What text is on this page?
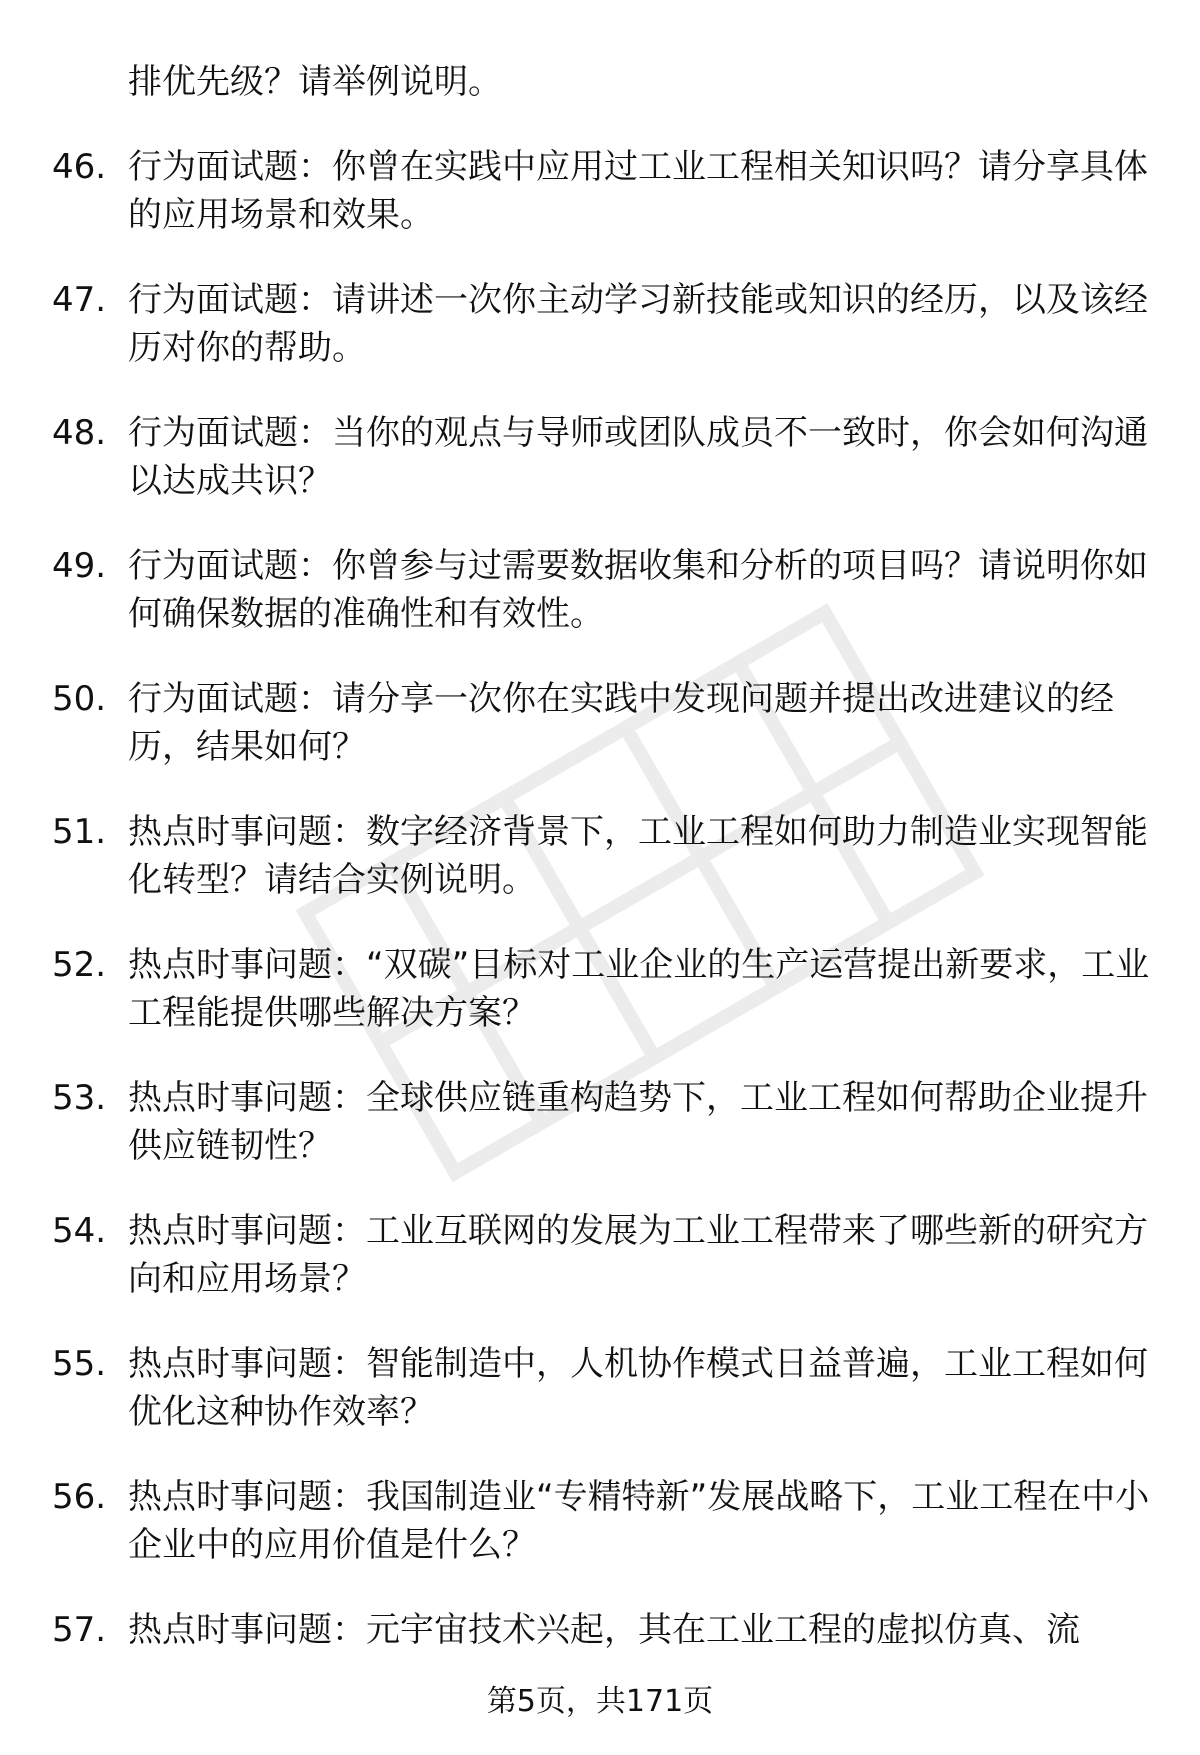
排优先级？请举例说明。
46. 行为面试题：你曾在实践中应用过工业工程相关知识吗？请分享具体的应用场景和效果。
47. 行为面试题：请讲述一次你主动学习新技能或知识的经历，以及该经历对你的帮助。
48. 行为面试题：当你的观点与导师或团队成员不一致时，你会如何沟通以达成共识？
49. 行为面试题：你曾参与过需要数据收集和分析的项目吗？请说明你如何确保数据的准确性和有效性。
50. 行为面试题：请分享一次你在实践中发现问题并提出改进建议的经历，结果如何？
51. 热点时事问题：数字经济背景下，工业工程如何助力制造业实现智能化转型？请结合实例说明。
52. 热点时事问题：“双碳”目标对工业企业的生产运营提出新要求，工业工程能提供哪些解决方案？
53. 热点时事问题：全球供应链重构趋势下，工业工程如何帮助企业提升供应链韧性？
54. 热点时事问题：工业互联网的发展为工业工程带来了哪些新的研究方向和应用场景？
55. 热点时事问题：智能制造中，人机协作模式日益普遍，工业工程如何优化这种协作效率？
56. 热点时事问题：我国制造业“专精特新”发展战略下，工业工程在中小企业中的应用价值是什么？
57. 热点时事问题：元宇宙技术兴起，其在工业工程的虚拟仿真、流
第5页，共171页
